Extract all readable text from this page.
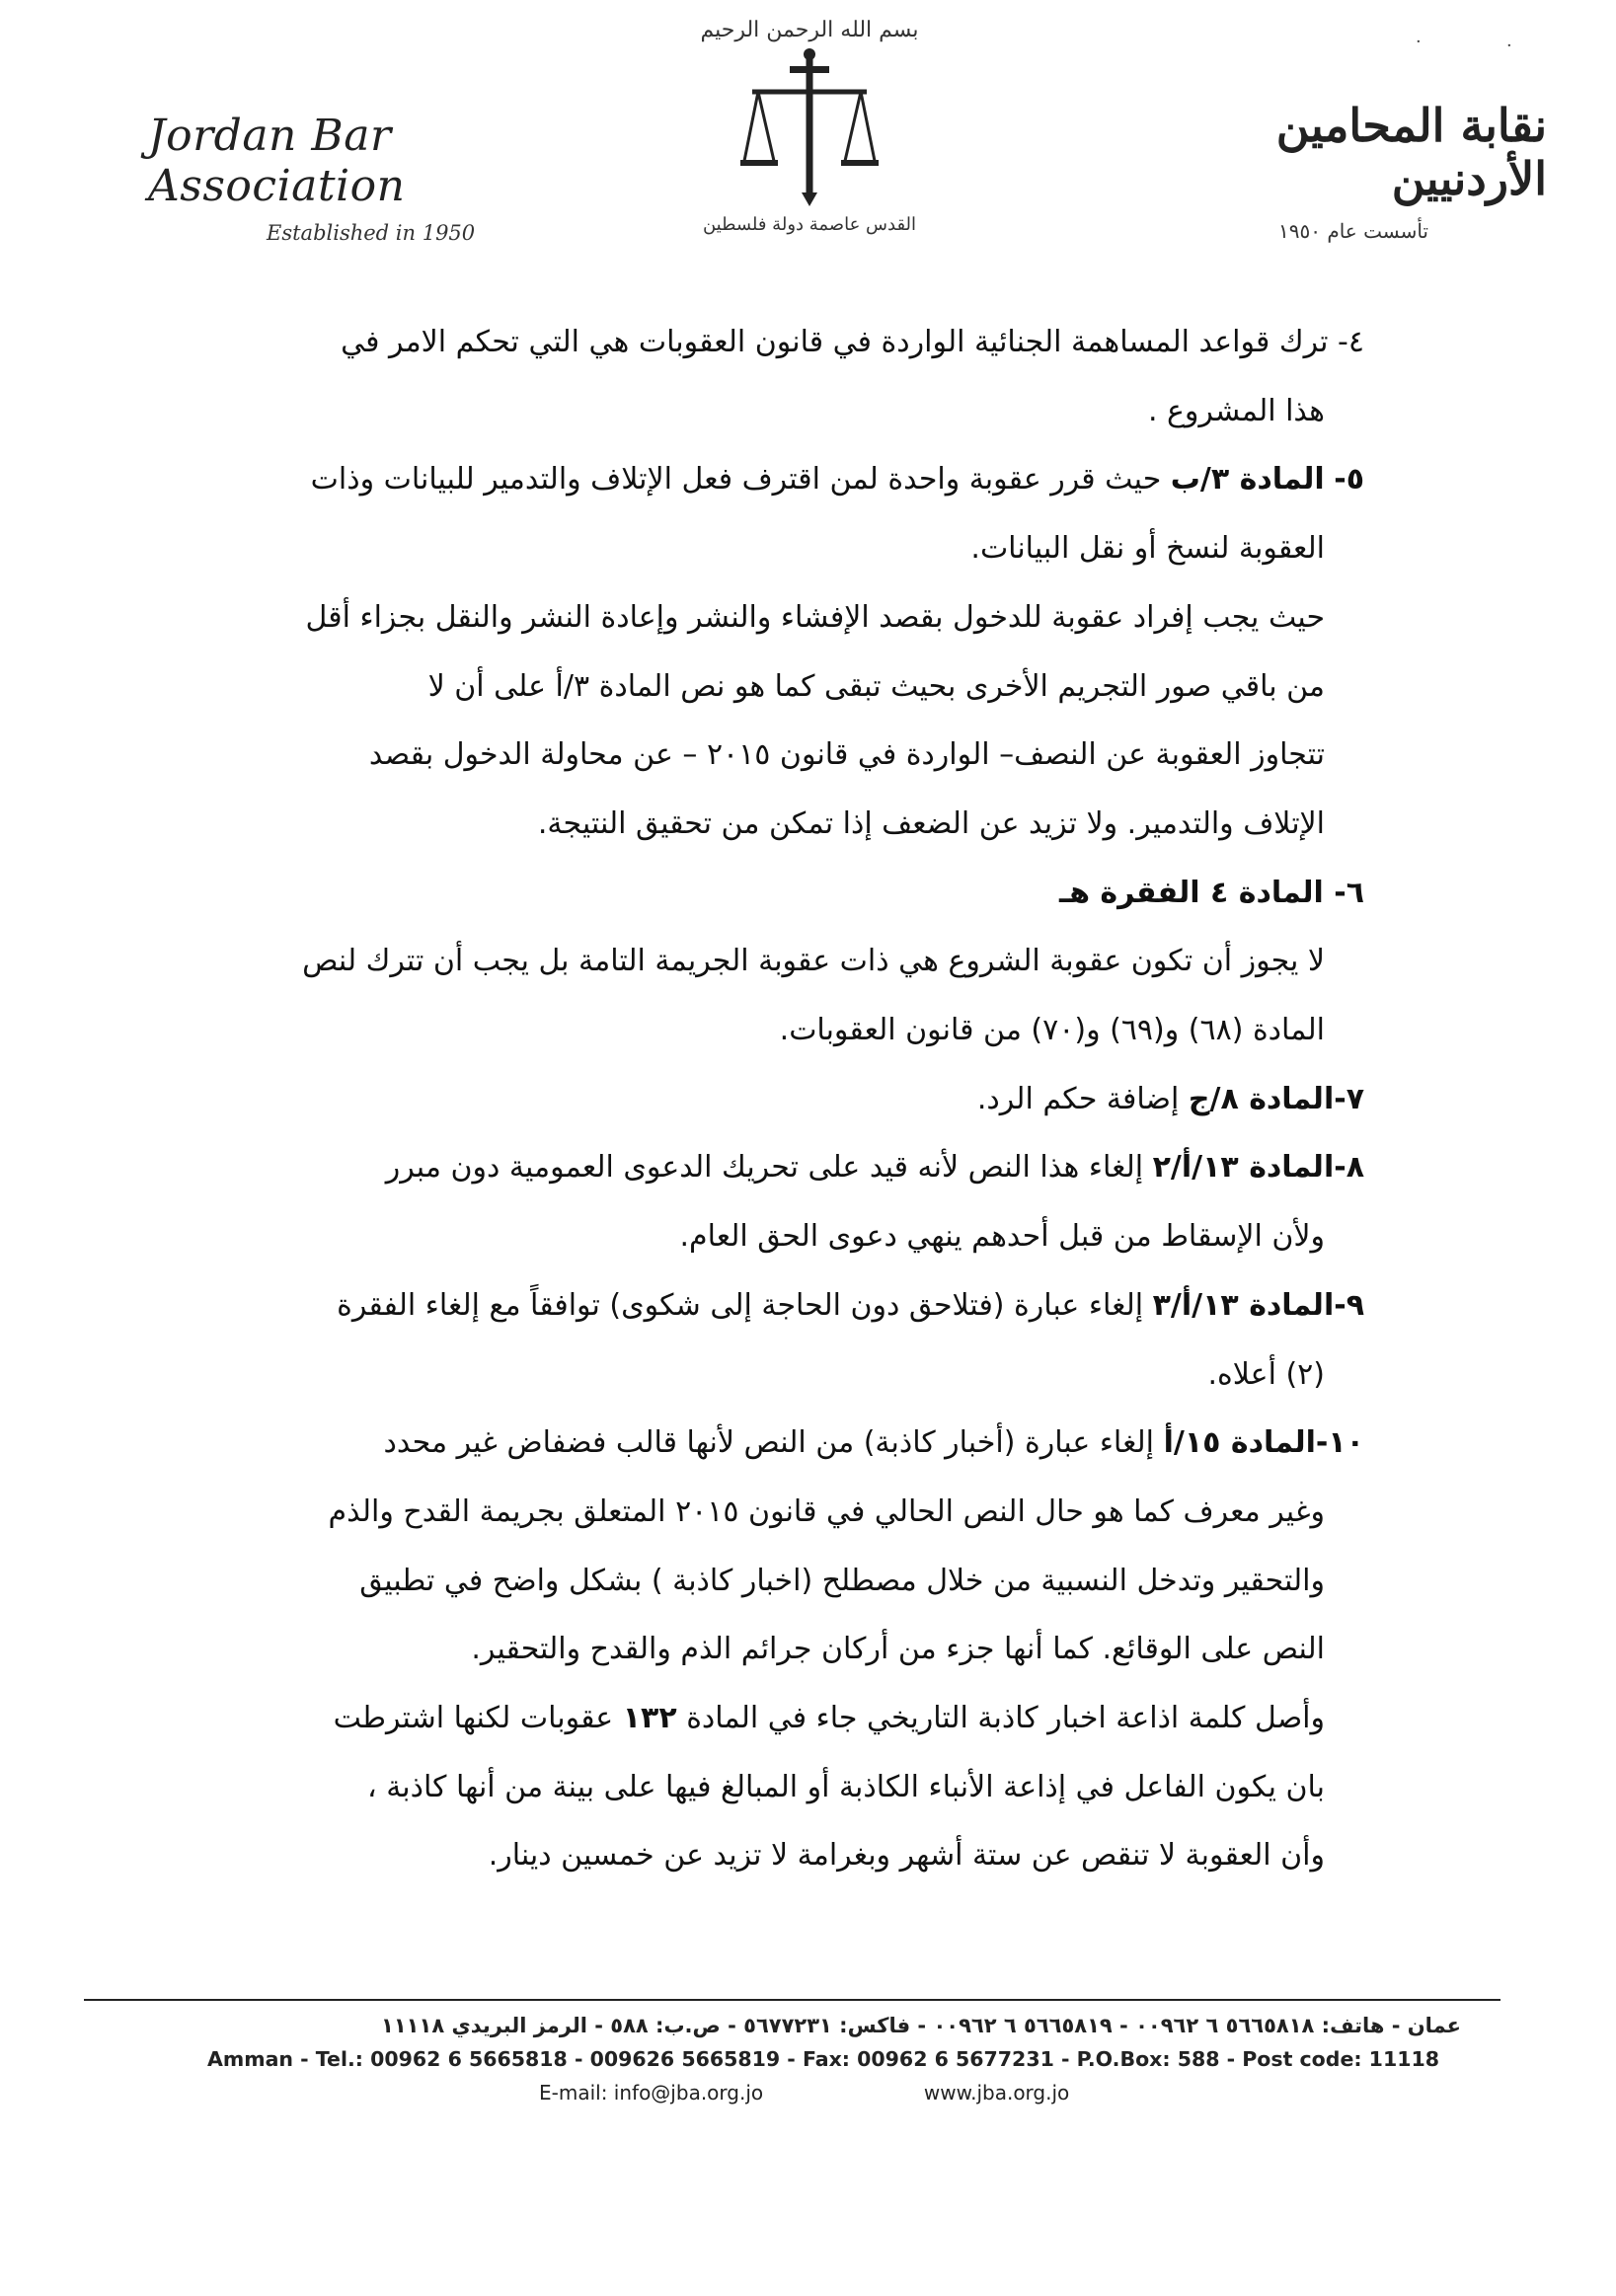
Jordan Bar Association
Established in 1950
بسم الله الرحمن الرحيم
القدس عاصمة دولة فلسطين
نقابة المحامين الأردنيين
تأسست عام ١٩٥٠
·	·

٤- ترك قواعد المساهمة الجنائية الواردة في قانون العقوبات هي التي تحكم الامر في

هذا المشروع .

٥- المادة ٣/ب حيث قرر عقوبة واحدة لمن اقترف فعل الإتلاف والتدمير للبيانات وذات

العقوبة لنسخ أو نقل البيانات.

حيث يجب إفراد عقوبة للدخول بقصد الإفشاء والنشر وإعادة النشر والنقل بجزاء أقل

من باقي صور التجريم الأخرى بحيث تبقى كما هو نص المادة ٣/أ على أن لا

تتجاوز العقوبة عن النصف– الواردة في قانون ٢٠١٥ – عن محاولة الدخول بقصد

الإتلاف والتدمير. ولا تزيد عن الضعف إذا تمكن من تحقيق النتيجة.

٦- المادة ٤ الفقرة هـ

لا يجوز أن تكون عقوبة الشروع هي ذات عقوبة الجريمة التامة بل يجب أن تترك لنص

المادة (٦٨) و(٦٩) و(٧٠) من قانون العقوبات.

٧-المادة ٨/ج إضافة حكم الرد.

٨-المادة ١٣/أ/٢ إلغاء هذا النص لأنه قيد على تحريك الدعوى العمومية دون مبرر

ولأن الإسقاط من قبل أحدهم ينهي دعوى الحق العام.

٩-المادة ١٣/أ/٣ إلغاء عبارة (فتلاحق دون الحاجة إلى شكوى) توافقاً مع إلغاء الفقرة

(٢) أعلاه.

١٠-المادة ١٥/أ إلغاء عبارة (أخبار كاذبة) من النص لأنها قالب فضفاض غير محدد

وغير معرف كما هو حال النص الحالي في قانون ٢٠١٥ المتعلق بجريمة القدح والذم

والتحقير وتدخل النسبية من خلال مصطلح (اخبار كاذبة ) بشكل واضح في تطبيق

النص على الوقائع. كما أنها جزء من أركان جرائم الذم والقدح والتحقير.

وأصل كلمة اذاعة اخبار كاذبة التاريخي جاء في المادة ١٣٢ عقوبات لكنها اشترطت

بان يكون الفاعل في إذاعة الأنباء الكاذبة أو المبالغ فيها على بينة من أنها كاذبة ،

وأن العقوبة لا تنقص عن ستة أشهر وبغرامة لا تزيد عن خمسين دينار.

عمان - هاتف: ٥٦٦٥٨١٨ ٦ ٠٠٩٦٢ - ٥٦٦٥٨١٩ ٦ ٠٠٩٦٢ - فاكس: ٥٦٧٧٢٣١ - ص.ب: ٥٨٨ - الرمز البريدي ١١١١٨
Amman - Tel.: 00962 6 5665818 - 009626 5665819 - Fax: 00962 6 5677231 - P.O.Box: 588 - Post code: 11118
E-mail: info@jba.org.jo	www.jba.org.jo
